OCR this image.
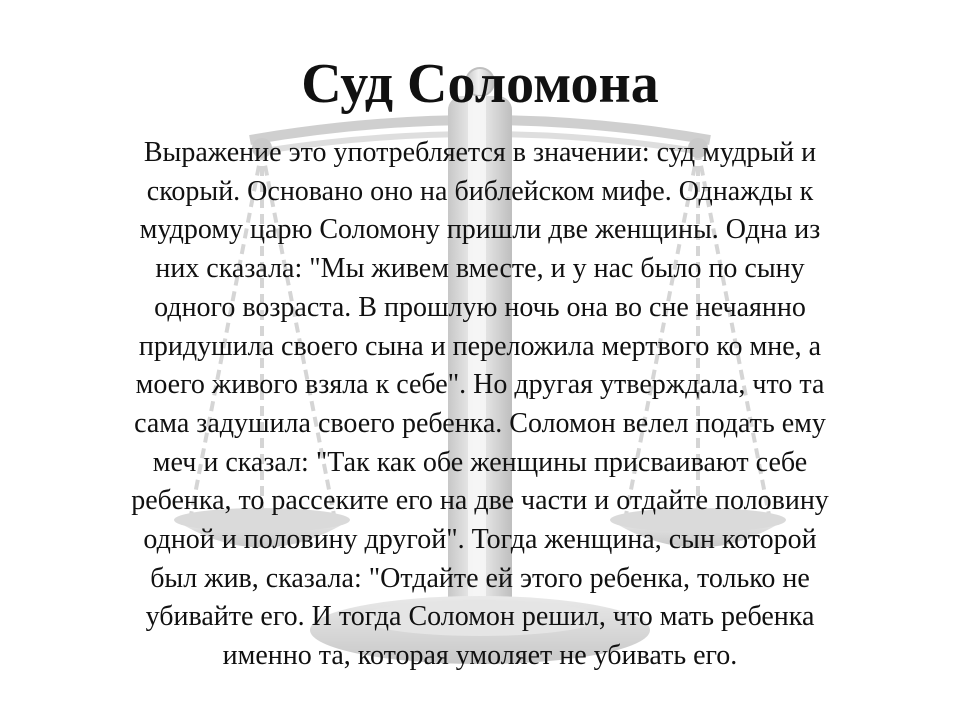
Суд Соломона
Выражение это употребляется в значении: суд мудрый и
скорый. Основано оно на библейском мифе. Однажды к
мудрому царю Соломону пришли две женщины. Одна из
них сказала: "Мы живем вместе, и у нас было по сыну
одного возраста. В прошлую ночь она во сне нечаянно
придушила своего сына и переложила мертвого ко мне, а
моего живого взяла к себе". Но другая утверждала, что та
сама задушила своего ребенка. Соломон велел подать ему
меч и сказал: "Так как обе женщины присваивают себе
ребенка, то рассеките его на две части и отдайте половину
одной и половину другой". Тогда женщина, сын которой
был жив, сказала: "Отдайте ей этого ребенка, только не
убивайте его. И тогда Соломон решил, что мать ребенка
именно та, которая умоляет не убивать его.
